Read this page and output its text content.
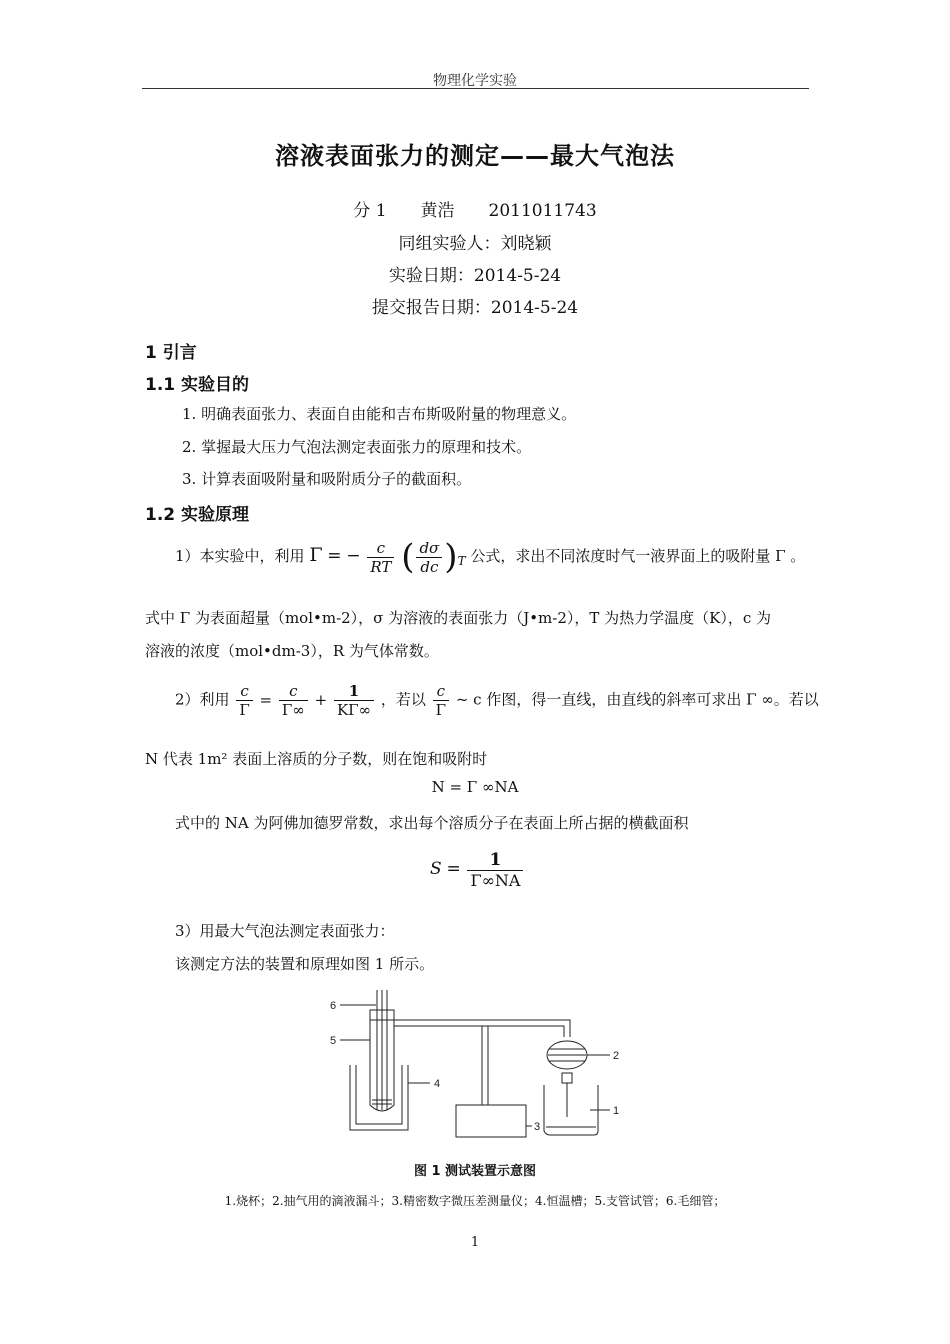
物理化学实验
溶液表面张力的测定——最大气泡法
分 1　　黄浩　　2011011743
同组实验人：刘晓颖
实验日期：2014-5-24
提交报告日期：2014-5-24
1 引言
1.1 实验目的
1. 明确表面张力、表面自由能和吉布斯吸附量的物理意义。
2. 掌握最大压力气泡法测定表面张力的原理和技术。
3. 计算表面吸附量和吸附质分子的截面积。
1.2 实验原理
1）本实验中，利用 Γ = − $\frac{c}{RT}$ ( $\frac{d\sigma}{dc} )_T$ 公式，求出不同浓度时气一液界面上的吸附量 Γ 。
式中 Γ 为表面超量（mol•m-2），σ 为溶液的表面张力（J•m-2），T 为热力学温度（K），c 为
溶液的浓度（mol•dm-3），R 为气体常数。
2）利用 $\frac{c}{\Gamma} = \frac{c}{\Gamma\infty} + \frac{1}{K\Gamma\infty}$ ，若以 $\frac{c}{\Gamma}$ ~ c 作图，得一直线，由直线的斜率可求出 Γ ∞。若以
N 代表 1m² 表面上溶质的分子数，则在饱和吸附时
N = Γ ∞NA
式中的 NA 为阿佛加德罗常数，求出每个溶质分子在表面上所占据的横截面积
$S = \frac{1}{\Gamma\infty NA}$
3）用最大气泡法测定表面张力：
该测定方法的装置和原理如图 1 所示。
6
5
4
3
2
1
图 1 测试装置示意图
1.烧杯；2.抽气用的滴液漏斗；3.精密数字微压差测量仪；4.恒温槽；5.支管试管；6.毛细管；
1
